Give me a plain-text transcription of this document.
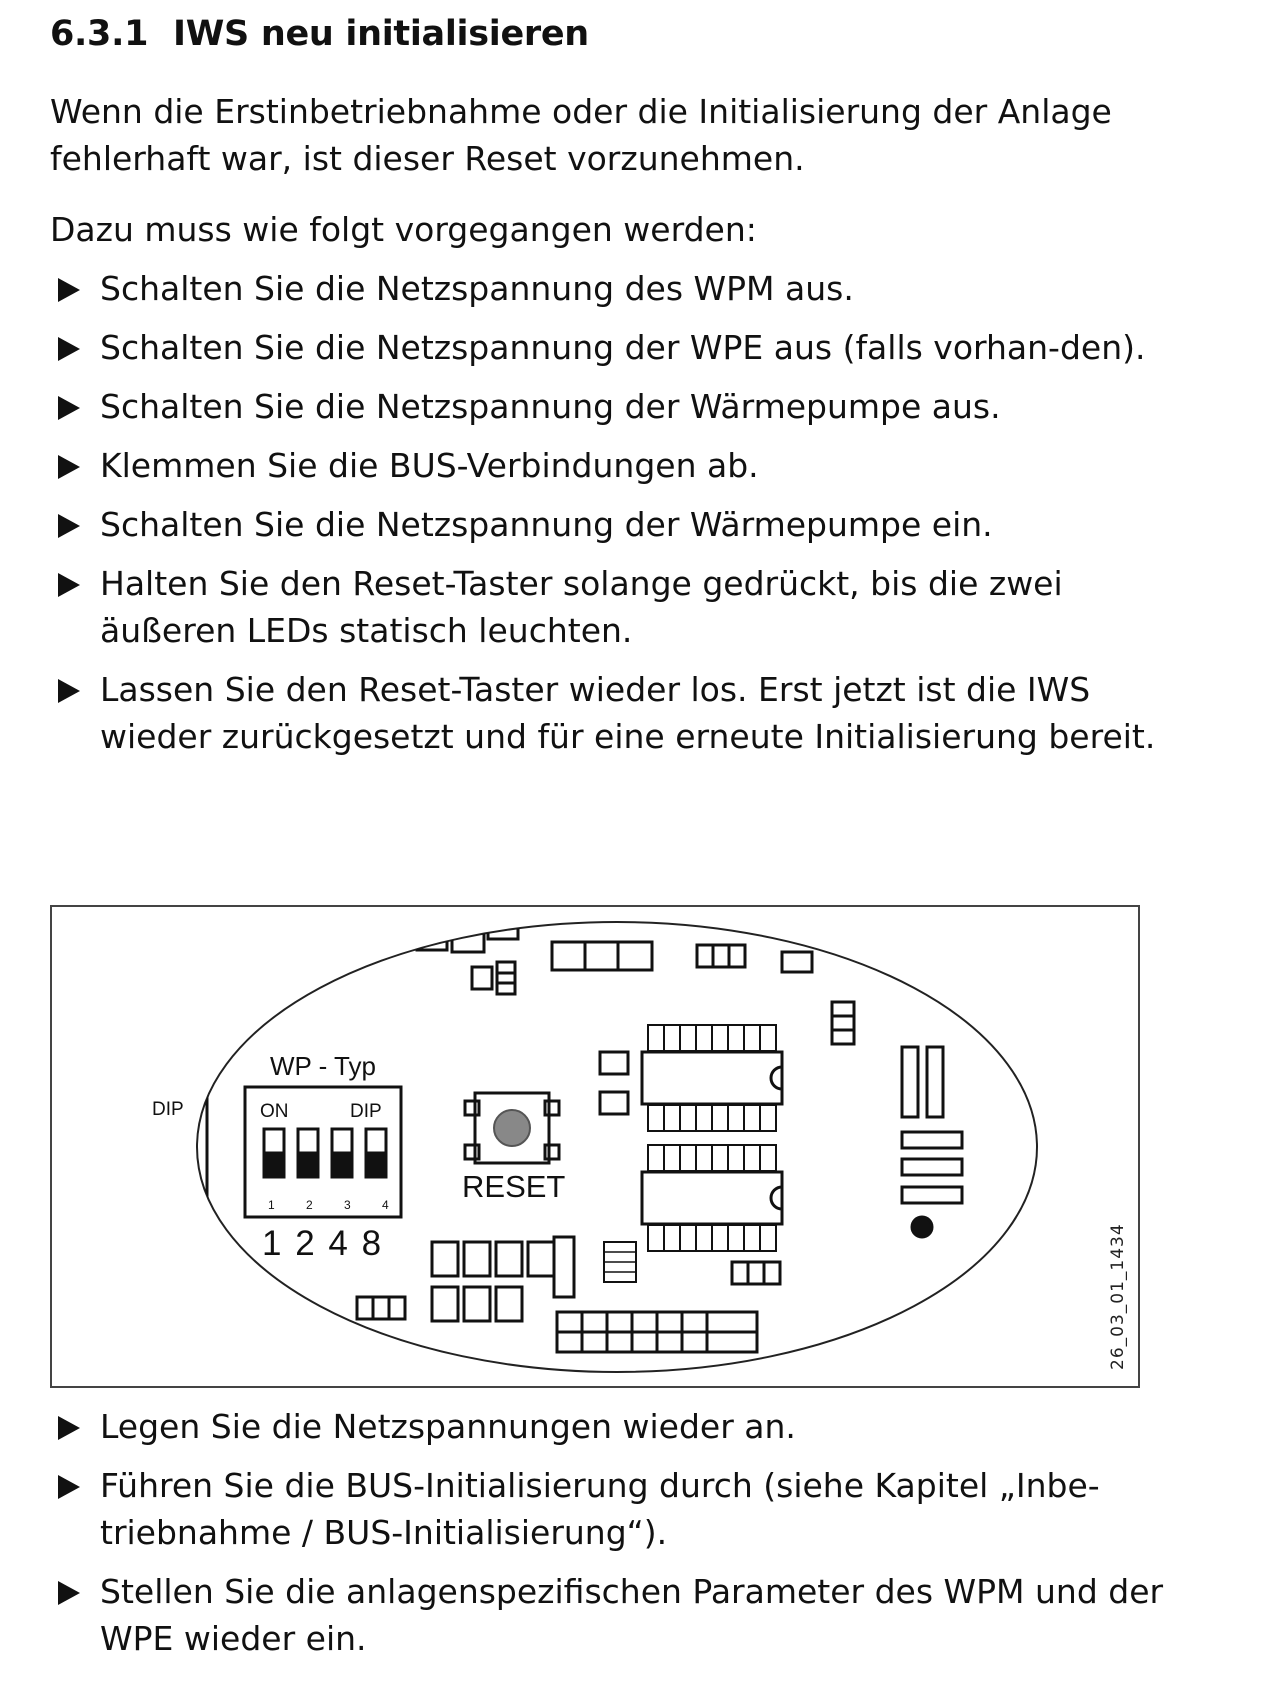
6.3.1 IWS neu initialisieren
Wenn die Erstinbetriebnahme oder die Initialisierung der Anlage fehlerhaft war, ist dieser Reset vorzunehmen.
Dazu muss wie folgt vorgegangen werden:
Schalten Sie die Netzspannung des WPM aus.
Schalten Sie die Netzspannung der WPE aus (falls vorhan-den).
Schalten Sie die Netzspannung der Wärmepumpe aus.
Klemmen Sie die BUS-Verbindungen ab.
Schalten Sie die Netzspannung der Wärmepumpe ein.
Halten Sie den Reset-Taster solange gedrückt, bis die zwei äußeren LEDs statisch leuchten.
Lassen Sie den Reset-Taster wieder los. Erst jetzt ist die IWS wieder zurückgesetzt und für eine erneute Initialisierung bereit.
WP - Typ
DIP	ON	DIP
1 2 3 4
1 2 4 8
RESET
26_03_01_1434
Legen Sie die Netzspannungen wieder an.
Führen Sie die BUS-Initialisierung durch (siehe Kapitel „Inbe-triebnahme / BUS-Initialisierung“).
Stellen Sie die anlagenspezifischen Parameter des WPM und der WPE wieder ein.
